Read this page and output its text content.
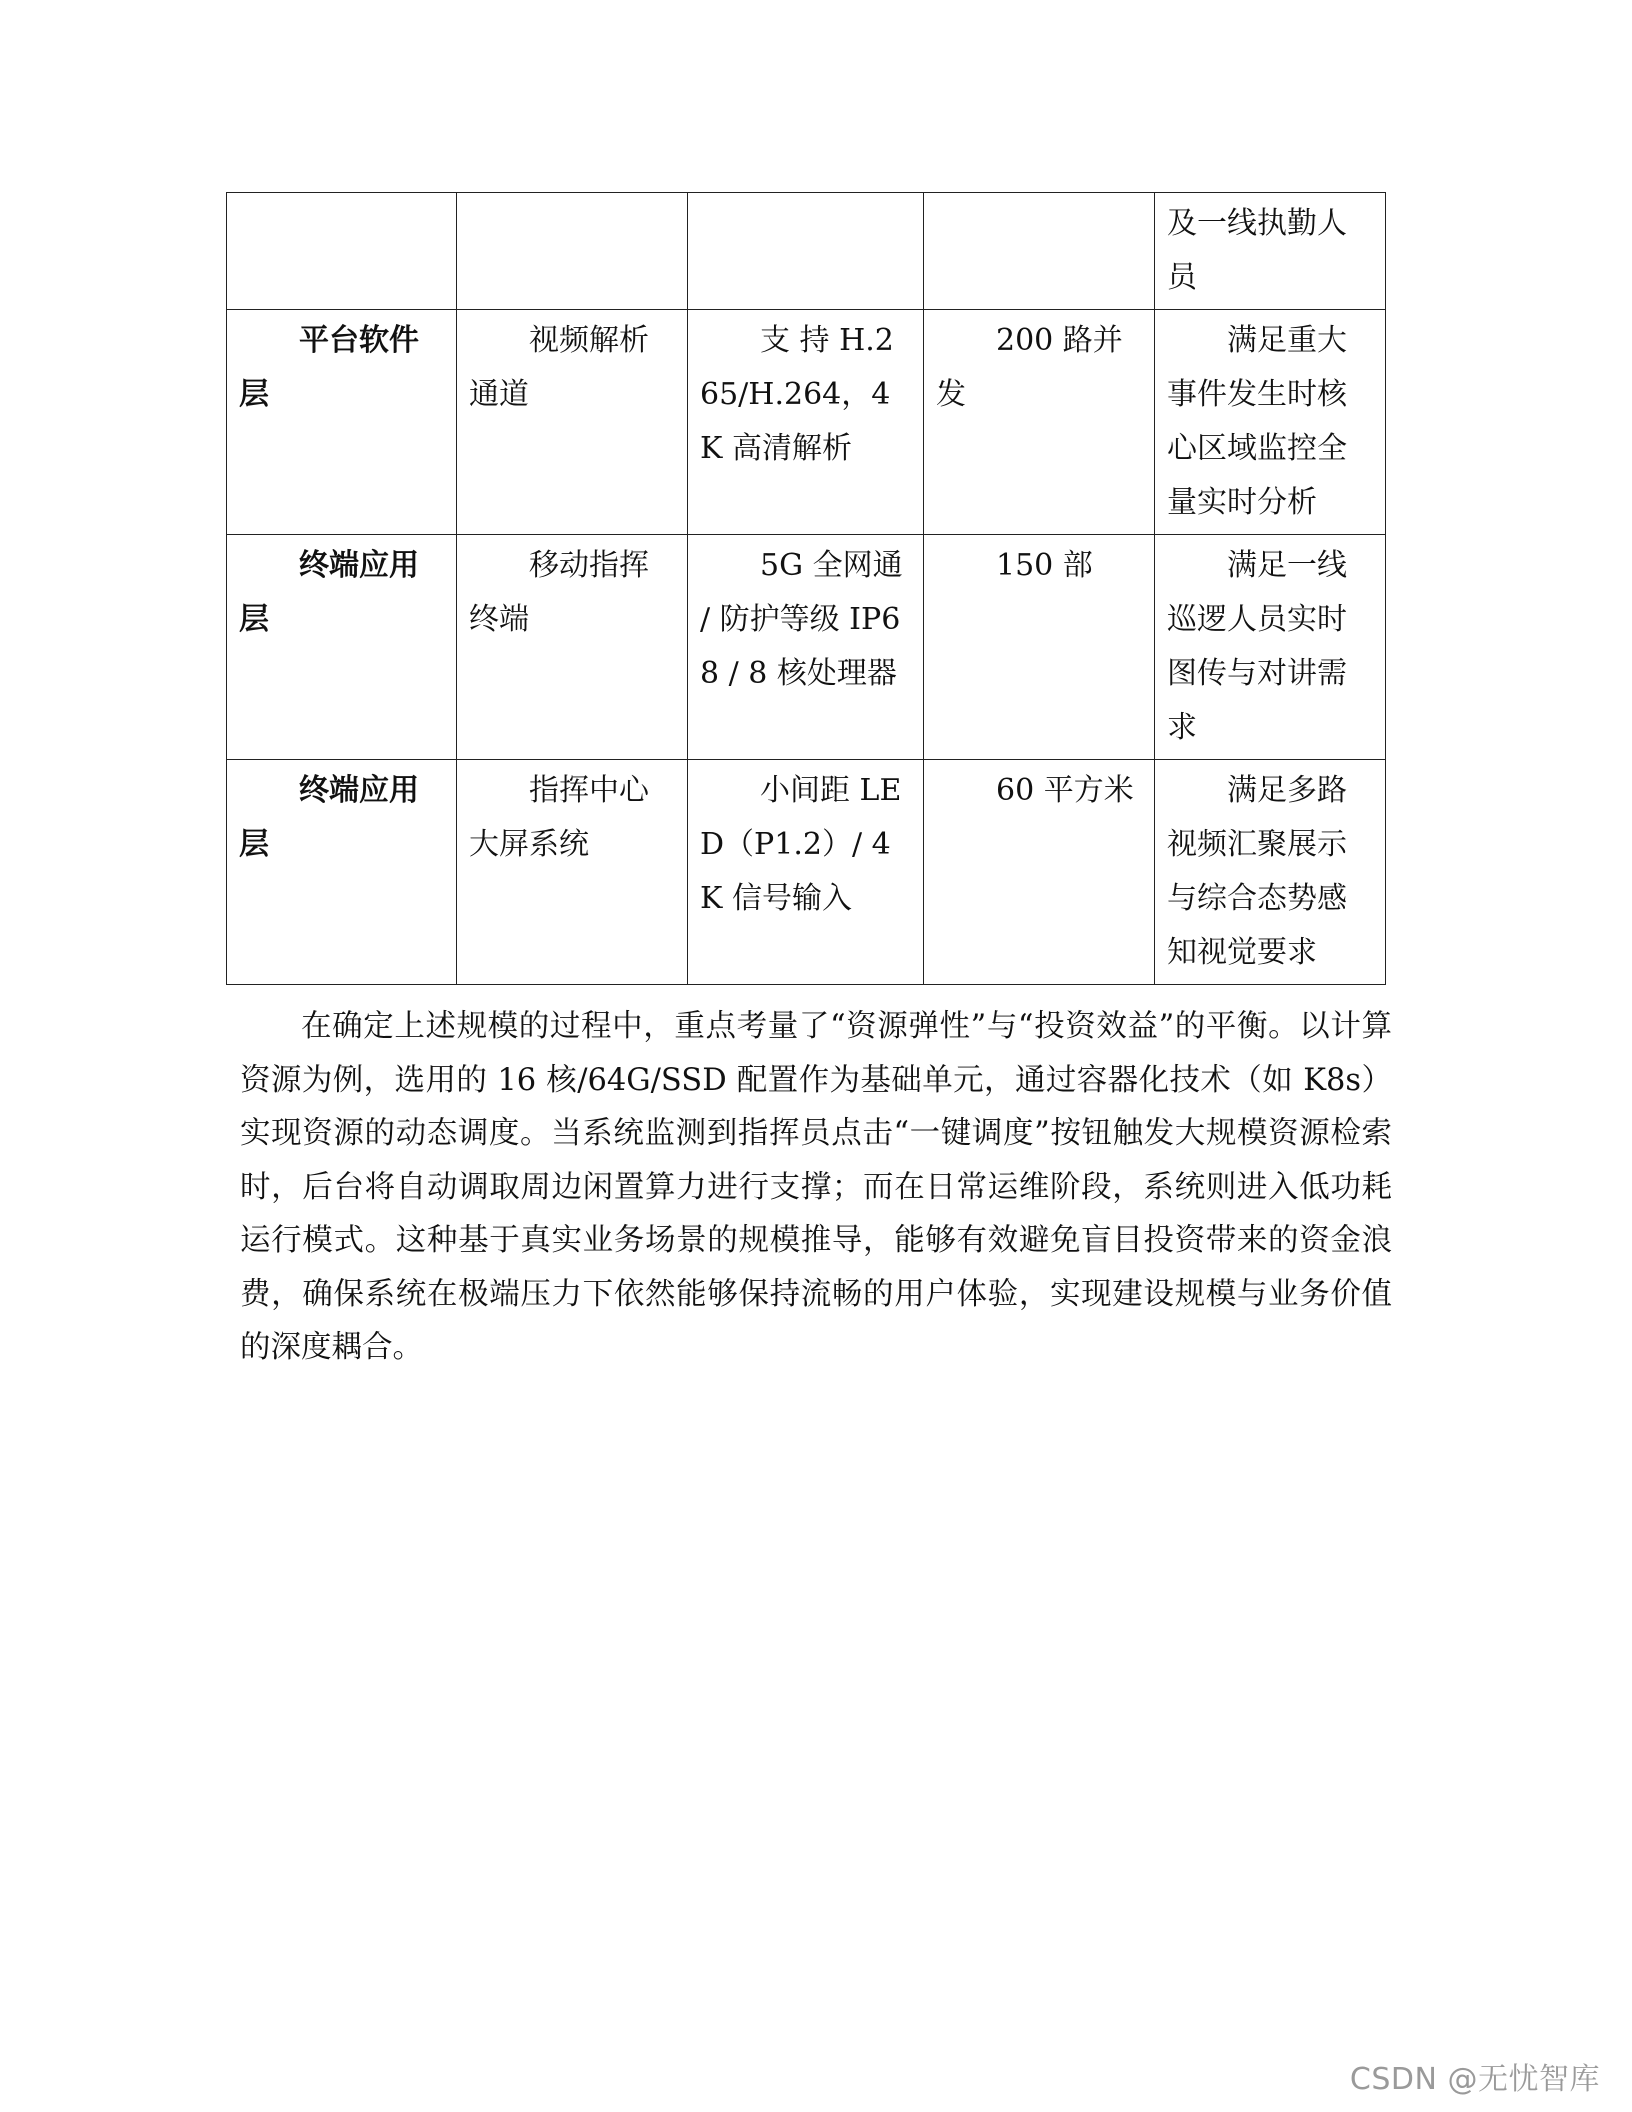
				及一线执勤人员
平台软件层	视频解析通道	支 持 H.265/H.264，4K 高清解析	200 路并发	满足重大事件发生时核心区域监控全量实时分析
终端应用层	移动指挥终端	5G 全网通 / 防护等级 IP68 / 8 核处理器	150 部	满足一线巡逻人员实时图传与对讲需求
终端应用层	指挥中心大屏系统	小间距 LED（P1.2）/ 4K 信号输入	60 平方米	满足多路视频汇聚展示与综合态势感知视觉要求

在确定上述规模的过程中，重点考量了“资源弹性”与“投资效益”的平衡。以计算资源为例，选用的 16 核/64G/SSD 配置作为基础单元，通过容器化技术（如 K8s）实现资源的动态调度。当系统监测到指挥员点击“一键调度”按钮触发大规模资源检索时，后台将自动调取周边闲置算力进行支撑；而在日常运维阶段，系统则进入低功耗运行模式。这种基于真实业务场景的规模推导，能够有效避免盲目投资带来的资金浪费，确保系统在极端压力下依然能够保持流畅的用户体验，实现建设规模与业务价值的深度耦合。

CSDN @无忧智库
